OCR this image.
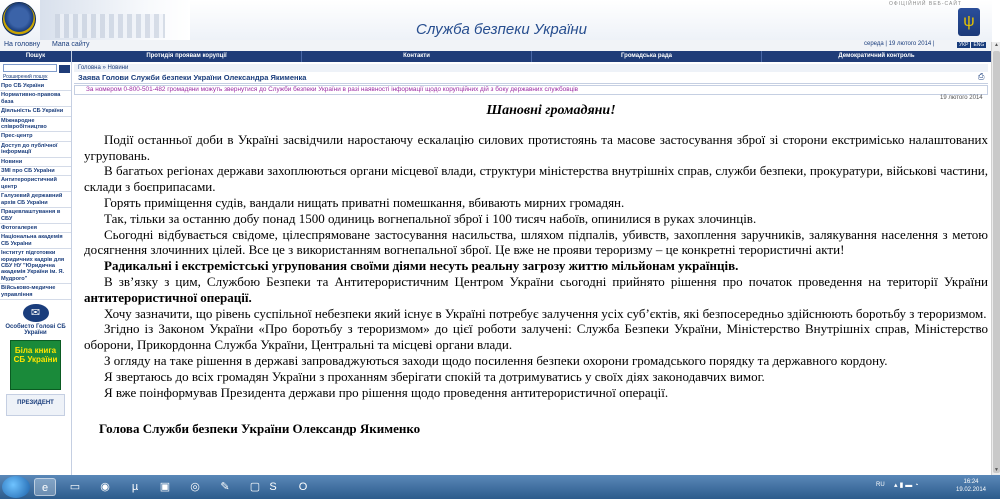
ОФІЦІЙНИЙ ВЕБ-САЙТ
Служба безпеки України	ψ
На головну Мапа сайту	середа | 19 лютого 2014 |	УКР ENG
Протидія проявам корупції	Контакти	Громадська рада	Демократичний контроль
Пошук
Розширений пошук
Про СБ України
Нормативно-правова база
Діяльність СБ України
Міжнародне співробітництво
Прес-центр
Доступ до публічної інформації
Новини
ЗМІ про СБ України
Антитерористичний центр
Галузевий державний архів СБ України
Працевлаштування в СБУ
Фотогалерея
Національна академія СБ України
Інститут підготовки юридичних кадрів для СБУ НУ "Юридична академія України ім. Я. Мудрого"
Військово-медичне управління
✉
Особисто Голові СБ України
Біла книга СБ України
ПРЕЗИДЕНТ
Головна » Новини
Заява Голови Служби безпеки України Олександра Якименка	⎙
За номером 0-800-501-482 громадяни можуть звернутися до Служби безпеки України в разі наявності інформації щодо корупційних дій з боку державних службовців
19 лютого 2014
Шановні громадяни!
Події останньої доби в Україні засвідчили наростаючу ескалацію силових протистоянь та масове застосування зброї зі сторони екстримісько налаштованих угруповань.
В багатьох регіонах держави захоплюються органи місцевої влади, структури міністерства внутрішніх справ, служби безпеки, прокуратури, військові частини, склади з боєприпасами.
Горять приміщення судів, вандали нищать приватні помешкання, вбивають мирних громадян.
Так, тільки за останню добу понад 1500 одиниць вогнепальної зброї і 100 тисяч набоїв, опинилися в руках злочинців.
Сьогодні відбувається свідоме, цілеспрямоване застосування насильства, шляхом підпалів, убивств, захоплення заручників, залякування населення з метою досягнення злочинних цілей. Все це з використанням вогнепальної зброї. Це вже не прояви тероризму – це конкретні терористичні акти!
Радикальні і екстремістські угрупования своїми діями несуть реальну загрозу життю мільйонам українців.
В зв’язку з цим, Службою Безпеки та Антитерористичним Центром України сьогодні прийнято рішення про початок проведення на території України антитерористичної операції.
Хочу зазначити, що рівень суспільної небезпеки який існує в Україні потребує залучення усіх суб’єктів, які безпосередньо здійснюють боротьбу з тероризмом.
Згідно із Законом України «Про боротьбу з тероризмом» до цієї роботи залучені: Служба Безпеки України, Міністерство Внутрішніх справ, Міністерство оборони, Прикордонна Служба України, Центральні та місцеві органи влади.
З огляду на таке рішення в державі запроваджуються заходи щодо посилення безпеки охорони громадського порядку та державного кордону.
Я звертаюсь до всіх громадян України з проханням зберігати спокій та дотримуватись у своїх діях законодавчих вимог.
Я вже поінформував Президента держави про рішення щодо проведення антитерористичної операції.
Голова Служби безпеки України Олександр Якименко
▲
▼
e	▭	◉	µ	▣	◎	✎	▢ S	O	RU ▴ ▮ ▬ ◔	16:24
19.02.2014
